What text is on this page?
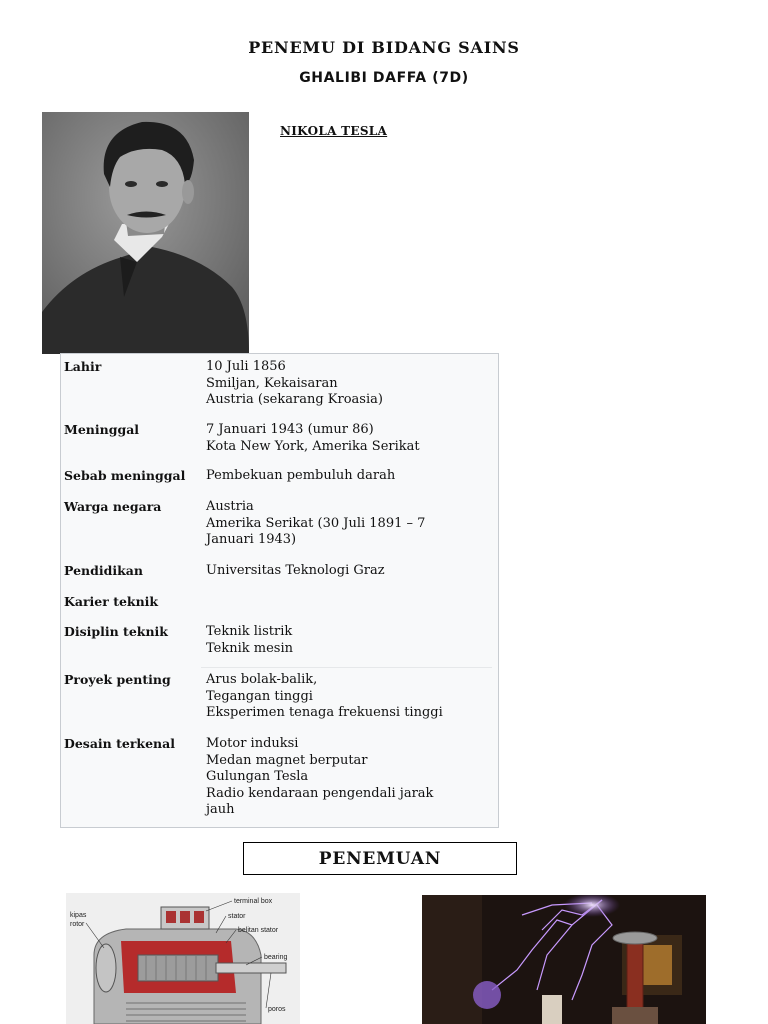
PENEMU DI BIDANG SAINS
GHALIBI DAFFA (7D)
NIKOLA TESLA
Lahir	10 Juli 1856
Smiljan, Kekaisaran
Austria (sekarang Kroasia)
Meninggal	7 Januari 1943 (umur 86)
Kota New York, Amerika Serikat
Sebab meninggal	Pembekuan pembuluh darah
Warga negara	Austria
Amerika Serikat (30 Juli 1891 – 7
Januari 1943)
Pendidikan	Universitas Teknologi Graz
Karier teknik
Disiplin teknik	Teknik listrik
Teknik mesin
Proyek penting	Arus bolak-balik,
Tegangan tinggi
Eksperimen tenaga frekuensi tinggi
Desain terkenal	Motor induksi
Medan magnet berputar
Gulungan Tesla
Radio kendaraan pengendali jarak
jauh
PENEMUAN
terminal box
kipas
rotor
stator
belitan stator
bearing
poros
